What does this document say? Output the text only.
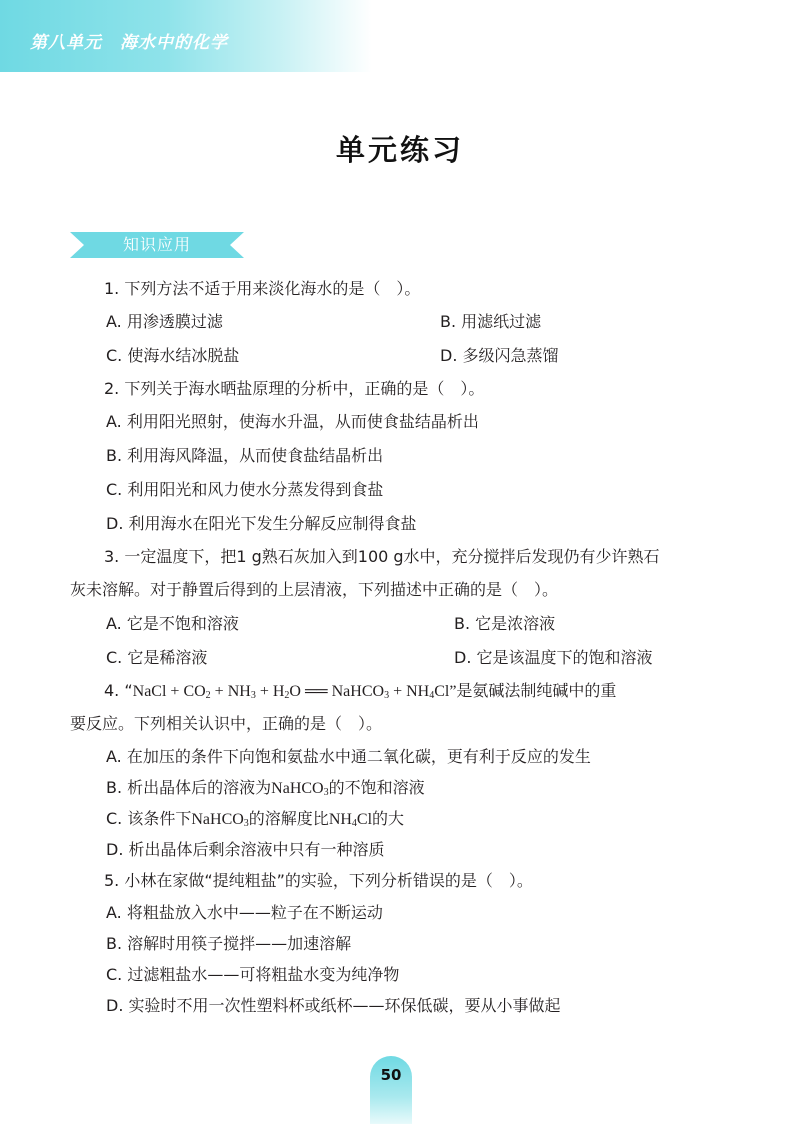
第八单元 海水中的化学
单元练习
知识应用
1. 下列方法不适于用来淡化海水的是（　）。
A. 用渗透膜过滤	B. 用滤纸过滤
C. 使海水结冰脱盐	D. 多级闪急蒸馏
2. 下列关于海水晒盐原理的分析中，正确的是（　）。
A. 利用阳光照射，使海水升温，从而使食盐结晶析出
B. 利用海风降温，从而使食盐结晶析出
C. 利用阳光和风力使水分蒸发得到食盐
D. 利用海水在阳光下发生分解反应制得食盐
3. 一定温度下，把1 g熟石灰加入到100 g水中，充分搅拌后发现仍有少许熟石
灰未溶解。对于静置后得到的上层清液，下列描述中正确的是（　）。
A. 它是不饱和溶液	B. 它是浓溶液
C. 它是稀溶液	D. 它是该温度下的饱和溶液
4. “NaCl + $CO_2 + NH_3 + H_2O$ ══ NaHCO$_3$ + $NH_4Cl$”是氨碱法制纯碱中的重
要反应。下列相关认识中，正确的是（　）。
A. 在加压的条件下向饱和氨盐水中通二氧化碳，更有利于反应的发生
B. 析出晶体后的溶液为NaHCO$_3$的不饱和溶液
C. 该条件下NaHCO$_3$的溶解度比$NH_4Cl$的大
D. 析出晶体后剩余溶液中只有一种溶质
5. 小林在家做“提纯粗盐”的实验，下列分析错误的是（　）。
A. 将粗盐放入水中——粒子在不断运动
B. 溶解时用筷子搅拌——加速溶解
C. 过滤粗盐水——可将粗盐水变为纯净物
D. 实验时不用一次性塑料杯或纸杯——环保低碳，要从小事做起
50
